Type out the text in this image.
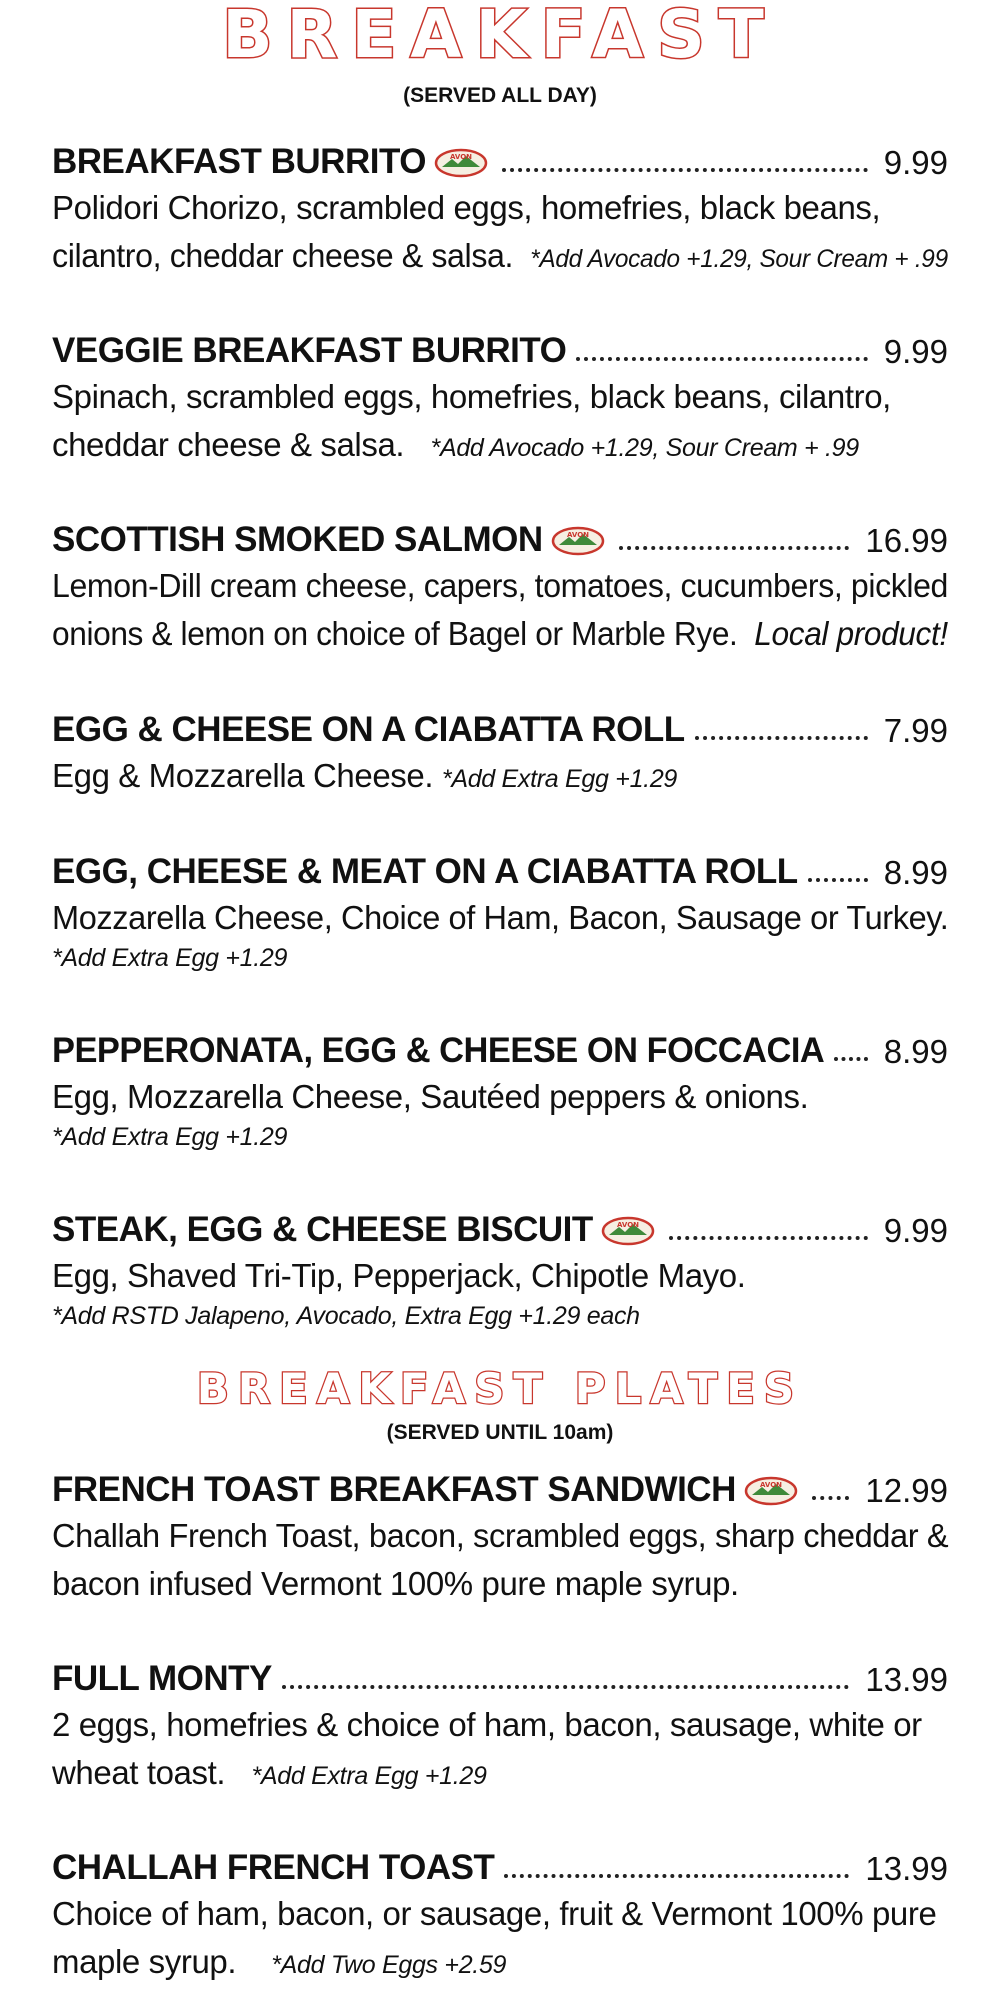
BREAKFAST
(SERVED ALL DAY)
BREAKFAST BURRITO	AVON	9.99
Polidori Chorizo, scrambled eggs, homefries, black beans,
cilantro, cheddar cheese & salsa. *Add Avocado +1.29, Sour Cream + .99
VEGGIE BREAKFAST BURRITO	9.99
Spinach, scrambled eggs, homefries, black beans, cilantro,
cheddar cheese & salsa. *Add Avocado +1.29, Sour Cream + .99
SCOTTISH SMOKED SALMON	AVON	16.99
Lemon-Dill cream cheese, capers, tomatoes, cucumbers, pickled
onions & lemon on choice of Bagel or Marble Rye. Local product!
EGG & CHEESE ON A CIABATTA ROLL	7.99
Egg & Mozzarella Cheese. *Add Extra Egg +1.29
EGG, CHEESE & MEAT ON A CIABATTA ROLL	8.99
Mozzarella Cheese, Choice of Ham, Bacon, Sausage or Turkey.
*Add Extra Egg +1.29
PEPPERONATA, EGG & CHEESE ON FOCCACIA 8.99
Egg, Mozzarella Cheese, Sautéed peppers & onions.
*Add Extra Egg +1.29
STEAK, EGG & CHEESE BISCUIT	AVON	9.99
Egg, Shaved Tri-Tip, Pepperjack, Chipotle Mayo.
*Add RSTD Jalapeno, Avocado, Extra Egg +1.29 each
BREAKFAST PLATES
(SERVED UNTIL 10am)
FRENCH TOAST BREAKFAST SANDWICH	AVON	12.99
Challah French Toast, bacon, scrambled eggs, sharp cheddar &
bacon infused Vermont 100% pure maple syrup.
FULL MONTY	13.99
2 eggs, homefries & choice of ham, bacon, sausage, white or
wheat toast. *Add Extra Egg +1.29
CHALLAH FRENCH TOAST	13.99
Choice of ham, bacon, or sausage, fruit & Vermont 100% pure
maple syrup. *Add Two Eggs +2.59
